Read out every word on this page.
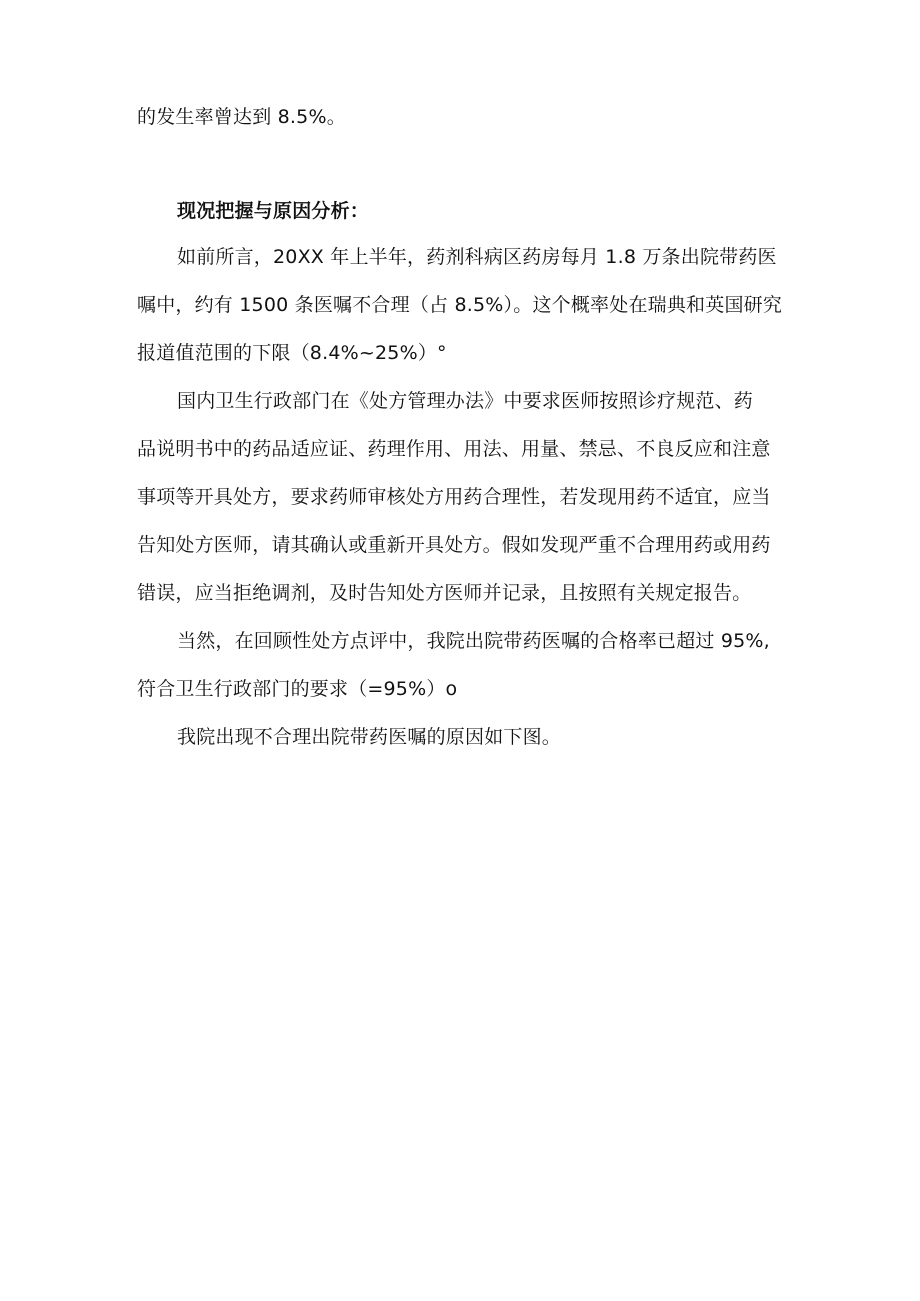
的发生率曾达到 8.5%。
现况把握与原因分析：
如前所言，20XX 年上半年，药剂科病区药房每月 1.8 万条出院带药医
嘱中，约有 1500 条医嘱不合理（占 8.5%）。这个概率处在瑞典和英国研究
报道值范围的下限（8.4%~25%）°
国内卫生行政部门在《处方管理办法》中要求医师按照诊疗规范、药
品说明书中的药品适应证、药理作用、用法、用量、禁忌、不良反应和注意
事项等开具处方，要求药师审核处方用药合理性，若发现用药不适宜，应当
告知处方医师，请其确认或重新开具处方。假如发现严重不合理用药或用药
错误，应当拒绝调剂，及时告知处方医师并记录，且按照有关规定报告。
当然，在回顾性处方点评中，我院出院带药医嘱的合格率已超过 95%,
符合卫生行政部门的要求（=95%）o
我院出现不合理出院带药医嘱的原因如下图。
